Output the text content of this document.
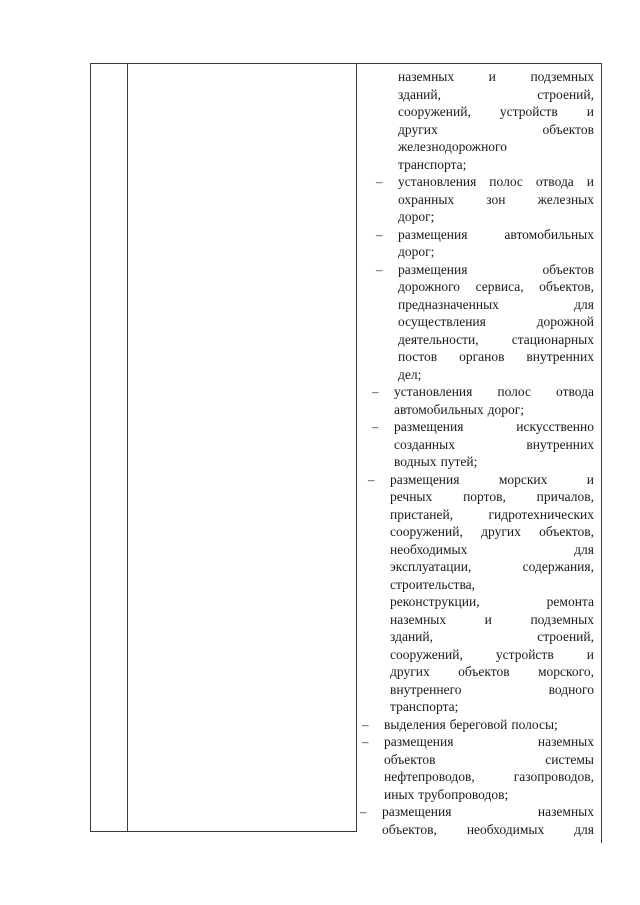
наземных	и	подземных
зданий,	строений,
сооружений, устройств и
других	объектов
железнодорожного
транспорта;
– установления полос отвода и
охранных зон железных
дорог;
– размещения	автомобильных
дорог;
– размещения	объектов
дорожного сервиса, объектов,
предназначенных	для
осуществления	дорожной
деятельности, стационарных
постов органов внутренних
дел;
– установления полос отвода
автомобильных дорог;
– размещения	искусственно
созданных	внутренних
водных путей;
– размещения	морских	и
речных портов, причалов,
пристаней,	гидротехнических
сооружений, других объектов,
необходимых	для
эксплуатации,	содержания,
строительства,
реконструкции,	ремонта
наземных	и	подземных
зданий,	строений,
сооружений, устройств и
других объектов морского,
внутреннего	водного
транспорта;
– выделения береговой полосы;
– размещения	наземных
объектов	системы
нефтепроводов,	газопроводов,
иных трубопроводов;
– размещения	наземных
объектов, необходимых для
